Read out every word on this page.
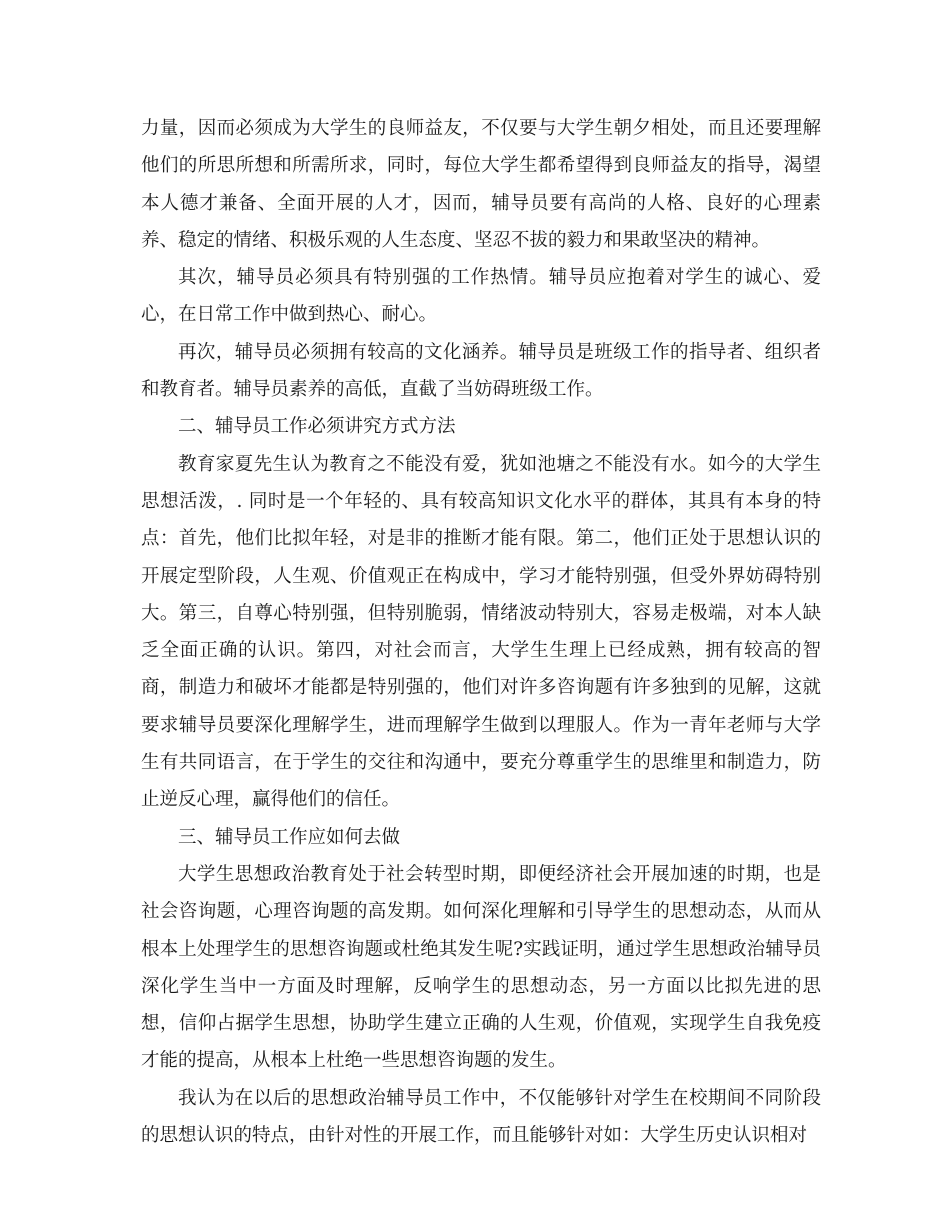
力量，因而必须成为大学生的良师益友，不仅要与大学生朝夕相处，而且还要理解他们的所思所想和所需所求，同时，每位大学生都希望得到良师益友的指导，渴望本人德才兼备、全面开展的人才，因而，辅导员要有高尚的人格、良好的心理素养、稳定的情绪、积极乐观的人生态度、坚忍不拔的毅力和果敢坚决的精神。

其次，辅导员必须具有特别强的工作热情。辅导员应抱着对学生的诚心、爱心，在日常工作中做到热心、耐心。

再次，辅导员必须拥有较高的文化涵养。辅导员是班级工作的指导者、组织者和教育者。辅导员素养的高低，直截了当妨碍班级工作。

二、辅导员工作必须讲究方式方法

教育家夏先生认为教育之不能没有爱，犹如池塘之不能没有水。如今的大学生思想活泼，. 同时是一个年轻的、具有较高知识文化水平的群体，其具有本身的特点：首先，他们比拟年轻，对是非的推断才能有限。第二，他们正处于思想认识的开展定型阶段，人生观、价值观正在构成中，学习才能特别强，但受外界妨碍特别大。第三，自尊心特别强，但特别脆弱，情绪波动特别大，容易走极端，对本人缺乏全面正确的认识。第四，对社会而言，大学生生理上已经成熟，拥有较高的智商，制造力和破坏才能都是特别强的，他们对许多咨询题有许多独到的见解，这就要求辅导员要深化理解学生，进而理解学生做到以理服人。作为一青年老师与大学生有共同语言，在于学生的交往和沟通中，要充分尊重学生的思维里和制造力，防止逆反心理，赢得他们的信任。

三、辅导员工作应如何去做

大学生思想政治教育处于社会转型时期，即便经济社会开展加速的时期，也是社会咨询题，心理咨询题的高发期。如何深化理解和引导学生的思想动态，从而从根本上处理学生的思想咨询题或杜绝其发生呢?实践证明，通过学生思想政治辅导员深化学生当中一方面及时理解，反响学生的思想动态，另一方面以比拟先进的思想，信仰占据学生思想，协助学生建立正确的人生观，价值观，实现学生自我免疫才能的提高，从根本上杜绝一些思想咨询题的发生。

我认为在以后的思想政治辅导员工作中，不仅能够针对学生在校期间不同阶段的思想认识的特点，由针对性的开展工作，而且能够针对如：大学生历史认识相对
